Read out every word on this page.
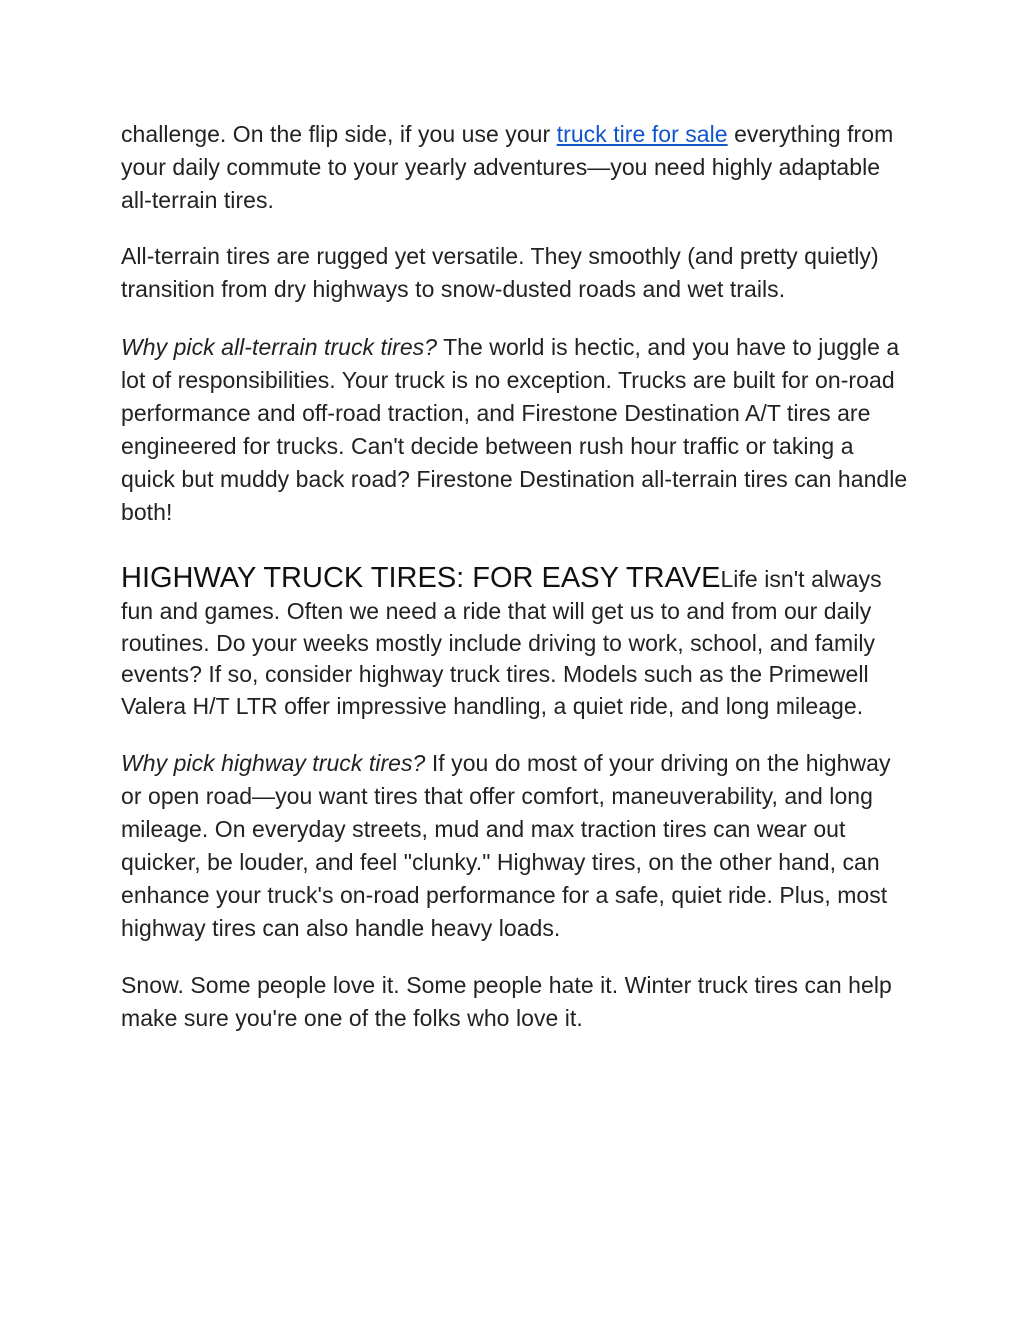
challenge. On the flip side, if you use your truck tire for sale everything from your daily commute to your yearly adventures—you need highly adaptable all-terrain tires.

All-terrain tires are rugged yet versatile. They smoothly (and pretty quietly) transition from dry highways to snow-dusted roads and wet trails.

Why pick all-terrain truck tires? The world is hectic, and you have to juggle a lot of responsibilities. Your truck is no exception. Trucks are built for on-road performance and off-road traction, and Firestone Destination A/T tires are engineered for trucks. Can't decide between rush hour traffic or taking a quick but muddy back road? Firestone Destination all-terrain tires can handle both!

HIGHWAY TRUCK TIRES: FOR EASY TRAVELife isn't always fun and games. Often we need a ride that will get us to and from our daily routines. Do your weeks mostly include driving to work, school, and family events? If so, consider highway truck tires. Models such as the Primewell Valera H/T LTR offer impressive handling, a quiet ride, and long mileage.

Why pick highway truck tires? If you do most of your driving on the highway or open road—you want tires that offer comfort, maneuverability, and long mileage. On everyday streets, mud and max traction tires can wear out quicker, be louder, and feel "clunky." Highway tires, on the other hand, can enhance your truck's on-road performance for a safe, quiet ride. Plus, most highway tires can also handle heavy loads.

Snow. Some people love it. Some people hate it. Winter truck tires can help make sure you're one of the folks who love it.
